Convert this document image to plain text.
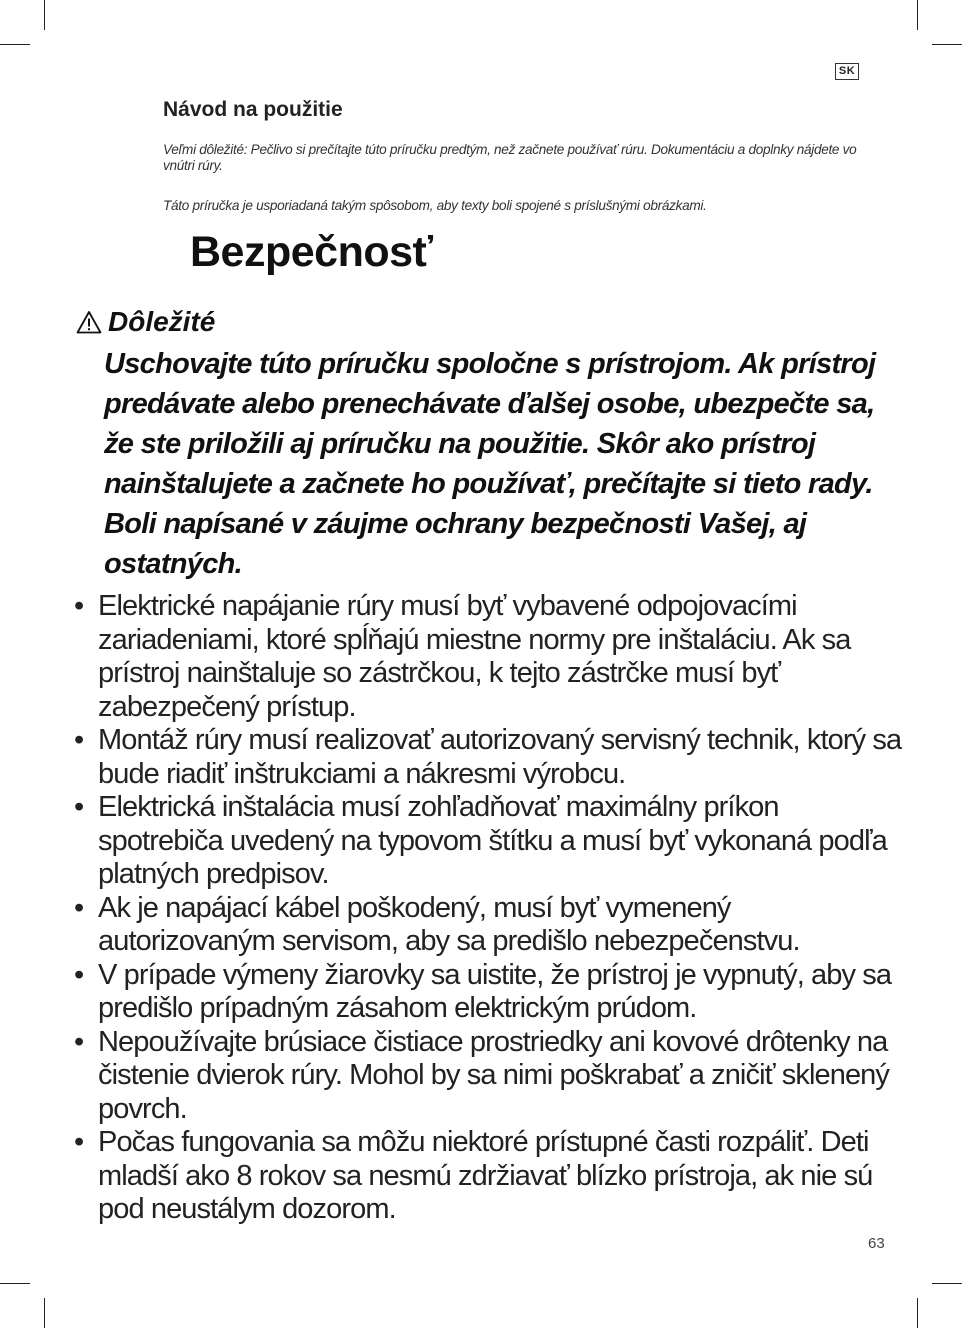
SK
Návod na použitie
Veľmi dôležité: Pečlivo si prečítajte túto príručku predtým, než začnete používať rúru. Dokumentáciu a doplnky nájdete vo vnútri rúry.
Táto príručka je usporiadaná takým spôsobom, aby texty boli spojené s príslušnými obrázkami.
Bezpečnosť
Dôležité
Uschovajte túto príručku spoločne s prístrojom. Ak prístroj predávate alebo prenechávate ďalšej osobe, ubezpečte sa, že ste priložili aj príručku na použitie. Skôr ako prístroj nainštalujete a začnete ho používať, prečítajte si tieto rady. Boli napísané v záujme ochrany bezpečnosti Vašej, aj ostatných.
• Elektrické napájanie rúry musí byť vybavené odpojovacími zariadeniami, ktoré spĺňajú miestne normy pre inštaláciu. Ak sa prístroj nainštaluje so zástrčkou, k tejto zástrčke musí byť zabezpečený prístup.
• Montáž rúry musí realizovať autorizovaný servisný technik, ktorý sa bude riadiť inštrukciami a nákresmi výrobcu.
• Elektrická inštalácia musí zohľadňovať maximálny príkon spotrebiča uvedený na typovom štítku a musí byť vykonaná podľa platných predpisov.
• Ak je napájací kábel poškodený, musí byť vymenený autorizovaným servisom, aby sa predišlo nebezpečenstvu.
• V prípade výmeny žiarovky sa uistite, že prístroj je vypnutý, aby sa predišlo prípadným zásahom elektrickým prúdom.
• Nepoužívajte brúsiace čistiace prostriedky ani kovové drôtenky na čistenie dvierok rúry. Mohol by sa nimi poškrabať a zničiť sklenený povrch.
• Počas fungovania sa môžu niektoré prístupné časti rozpáliť. Deti mladší ako 8 rokov sa nesmú zdržiavať blízko prístroja, ak nie sú pod neustálym dozorom.
63
